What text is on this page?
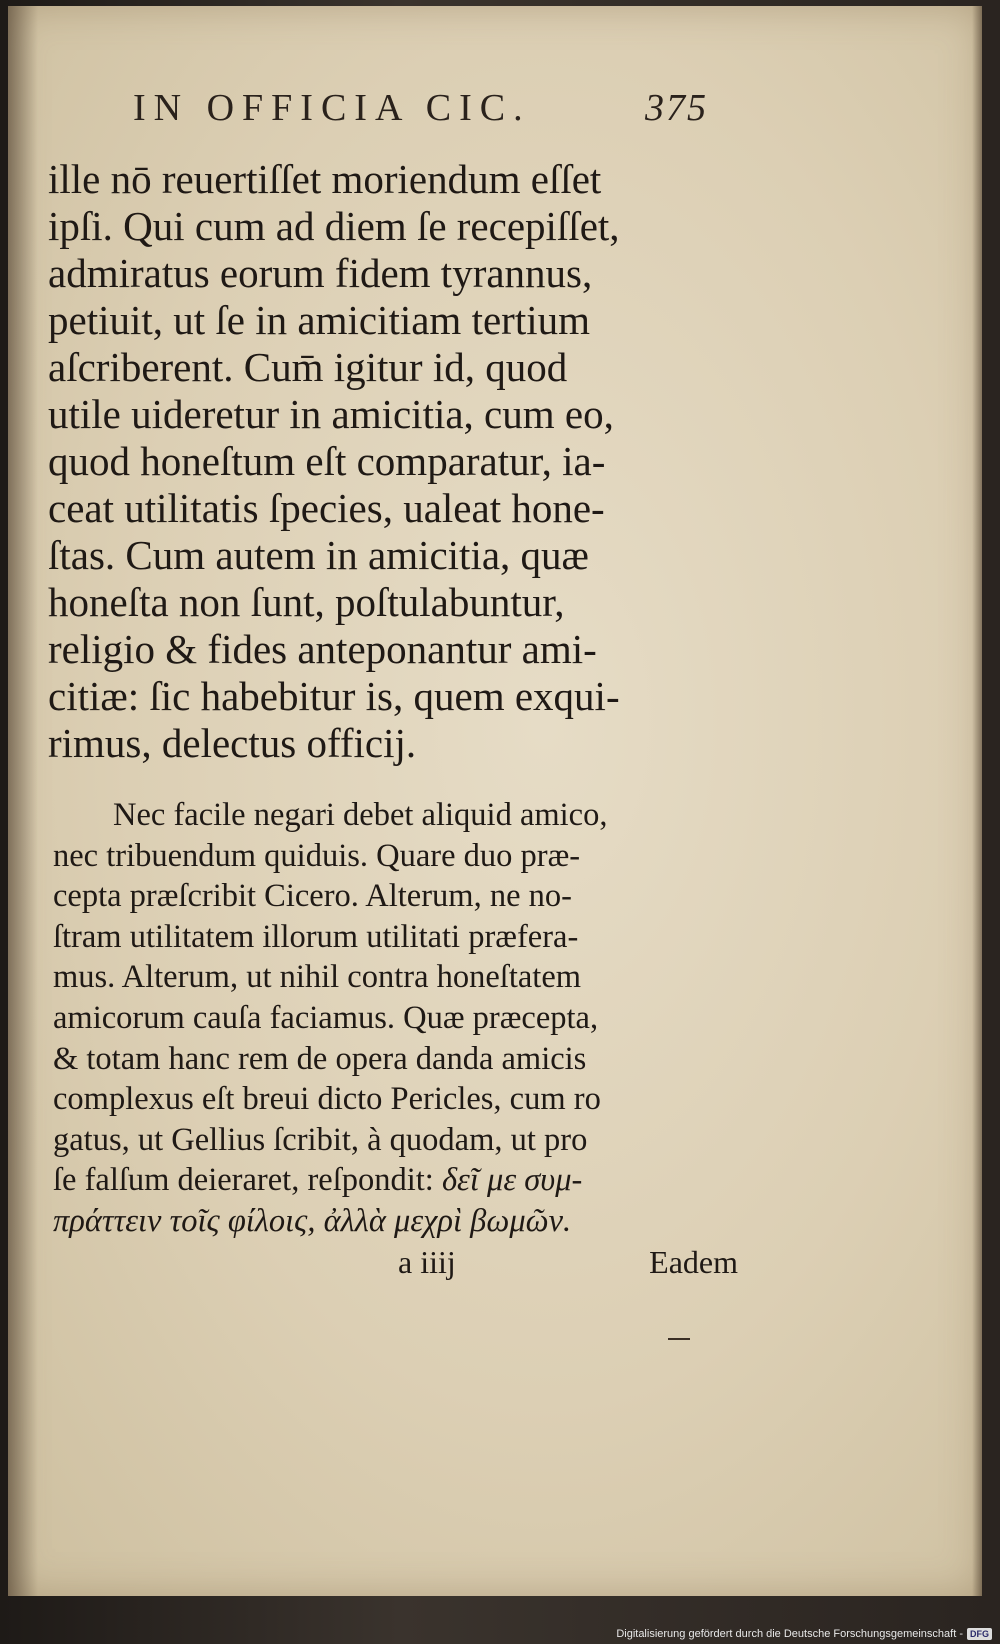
IN OFFICIA CIC.	375
ille nō reuertiſſet moriendum eſſet
ipſi. Qui cum ad diem ſe recepiſſet,
admiratus eorum fidem tyrannus,
petiuit, ut ſe in amicitiam tertium
aſcriberent. Cum̄ igitur id, quod
utile uideretur in amicitia, cum eo,
quod honeſtum eſt comparatur, ia-
ceat utilitatis ſpecies, ualeat hone-
ſtas. Cum autem in amicitia, quæ
honeſta non ſunt, poſtulabuntur,
religio & fides anteponantur ami-
citiæ: ſic habebitur is, quem exqui-
rimus, delectus officij.
Nec facile negari debet aliquid amico,
nec tribuendum quiduis. Quare duo præ-
cepta præſcribit Cicero. Alterum, ne no-
ſtram utilitatem illorum utilitati præfera-
mus. Alterum, ut nihil contra honeſtatem
amicorum cauſa faciamus. Quæ præcepta,
& totam hanc rem de opera danda amicis
complexus eſt breui dicto Pericles, cum ro
gatus, ut Gellius ſcribit, à quodam, ut pro
ſe falſum deieraret, reſpondit: δεῖ με συμ-
πράττειν τοῖς φίλοις, ἀλλὰ μεχρὶ βωμῶν.
a iiij	Eadem
Digitalisierung gefördert durch die Deutsche Forschungsgemeinschaft - DFG
